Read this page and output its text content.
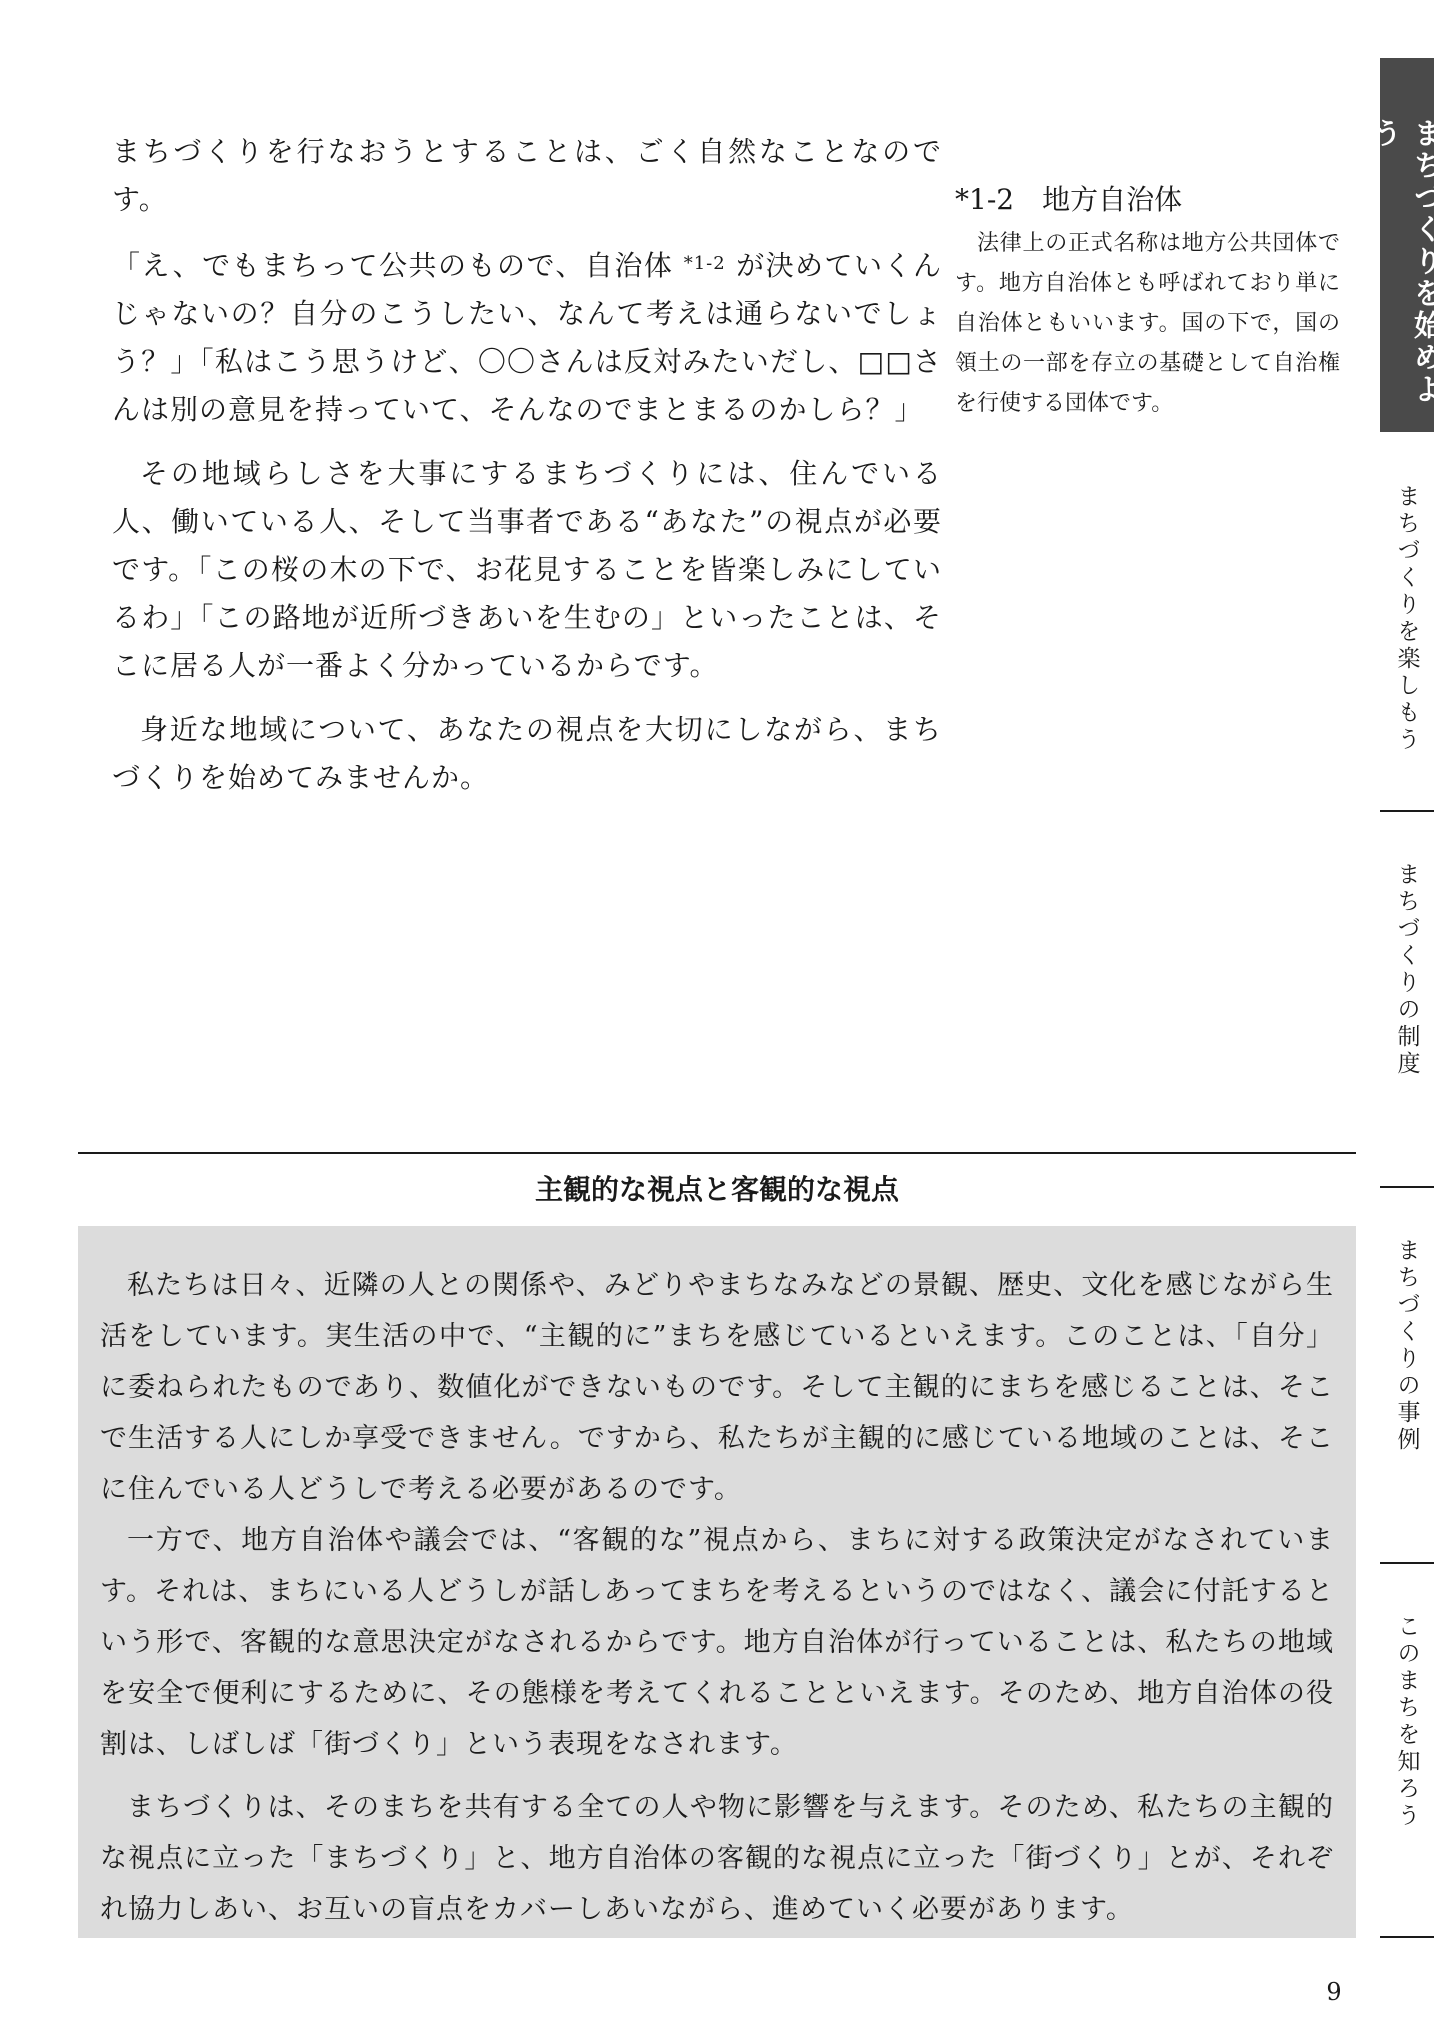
まちづくりを行なおうとすることは、ごく自然なことなのです。

「え、でもまちって公共のもので、自治体 $^{*1-2}$ が決めていくんじゃないの？自分のこうしたい、なんて考えは通らないでしょう？」「私はこう思うけど、〇〇さんは反対みたいだし、□□さんは別の意見を持っていて、そんなのでまとまるのかしら？」

その地域らしさを大事にするまちづくりには、住んでいる人、働いている人、そして当事者である“あなた”の視点が必要です。「この桜の木の下で、お花見することを皆楽しみにしているわ」「この路地が近所づきあいを生むの」といったことは、そこに居る人が一番よく分かっているからです。

身近な地域について、あなたの視点を大切にしながら、まちづくりを始めてみませんか。

*1-2　地方自治体
法律上の正式名称は地方公共団体です。地方自治体とも呼ばれており単に自治体ともいいます。国の下で，国の領土の一部を存立の基礎として自治権を行使する団体です。
主観的な視点と客観的な視点

私たちは日々、近隣の人との関係や、みどりやまちなみなどの景観、歴史、文化を感じながら生活をしています。実生活の中で、“主観的に”まちを感じているといえます。このことは、「自分」に委ねられたものであり、数値化ができないものです。そして主観的にまちを感じることは、そこで生活する人にしか享受できません。ですから、私たちが主観的に感じている地域のことは、そこに住んでいる人どうしで考える必要があるのです。

一方で、地方自治体や議会では、“客観的な”視点から、まちに対する政策決定がなされています。それは、まちにいる人どうしが話しあってまちを考えるというのではなく、議会に付託するという形で、客観的な意思決定がなされるからです。地方自治体が行っていることは、私たちの地域を安全で便利にするために、その態様を考えてくれることといえます。そのため、地方自治体の役割は、しばしば「街づくり」という表現をなされます。

まちづくりは、そのまちを共有する全ての人や物に影響を与えます。そのため、私たちの主観的な視点に立った「まちづくり」と、地方自治体の客観的な視点に立った「街づくり」とが、それぞれ協力しあい、お互いの盲点をカバーしあいながら、進めていく必要があります。

まちづくりを始めよう
まちづくりを楽しもう
まちづくりの制度
まちづくりの事例
このまちを知ろう
9
